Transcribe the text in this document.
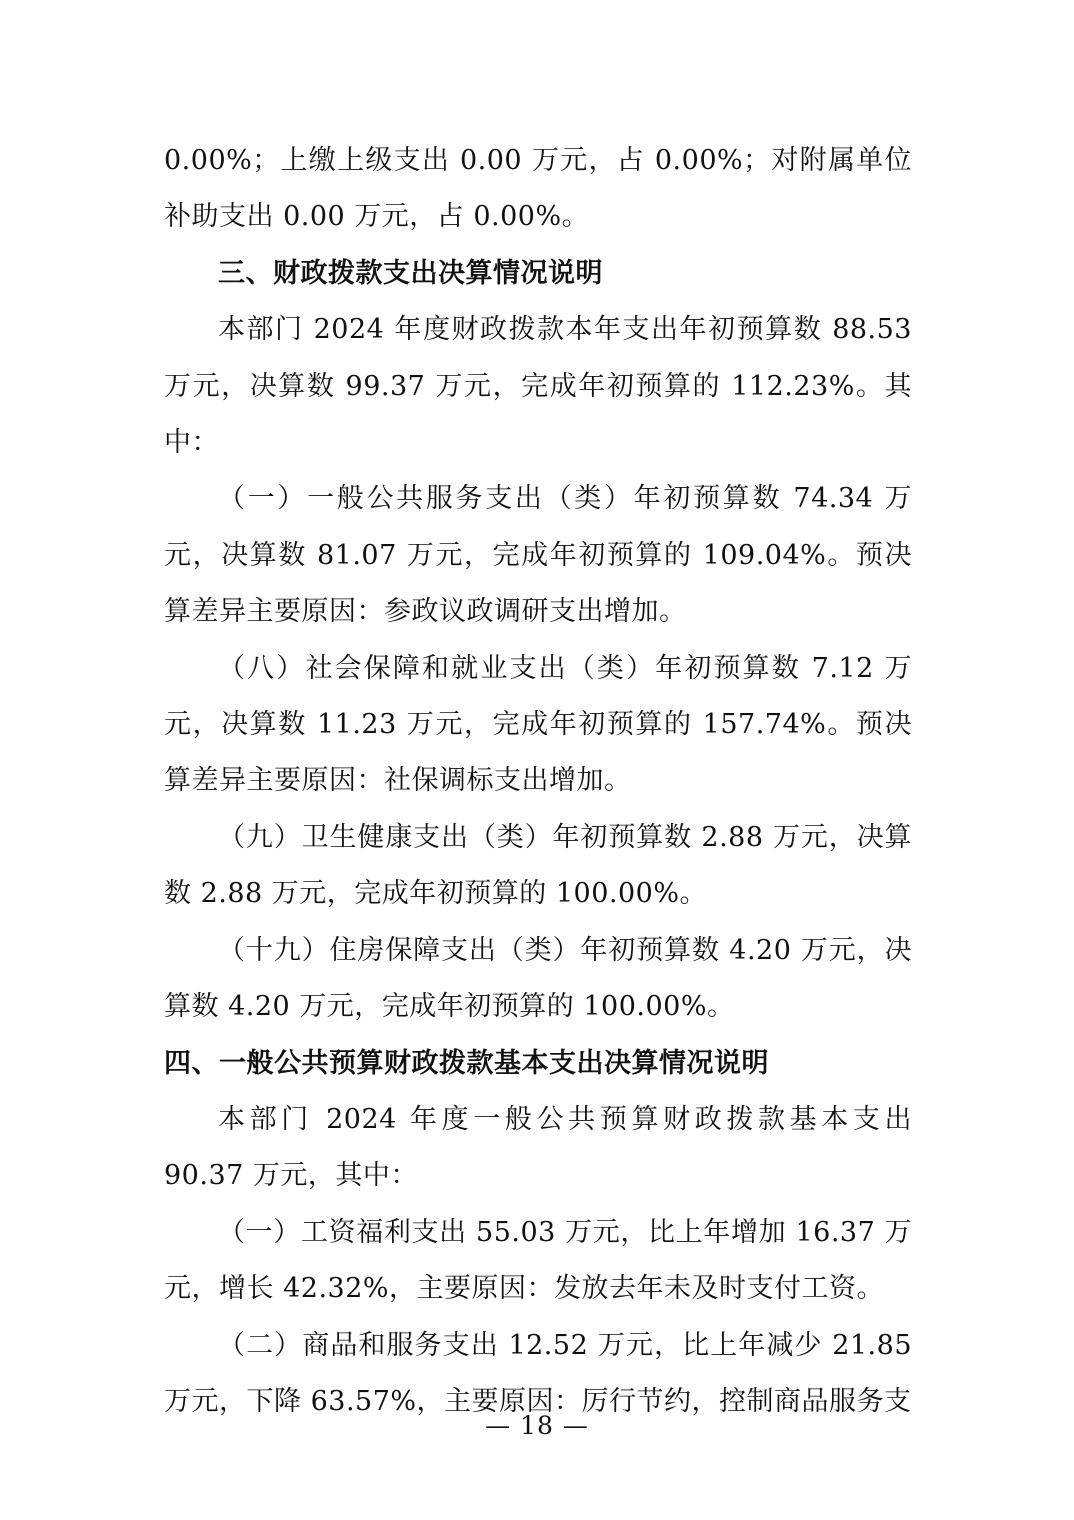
0.00%；上缴上级支出 0.00 万元，占 0.00%；对附属单位补助支出 0.00 万元，占 0.00%。

三、财政拨款支出决算情况说明

本部门 2024 年度财政拨款本年支出年初预算数 88.53 万元，决算数 99.37 万元，完成年初预算的 112.23%。其中：

（一）一般公共服务支出（类）年初预算数 74.34 万元，决算数 81.07 万元，完成年初预算的 109.04%。预决算差异主要原因：参政议政调研支出增加。

（八）社会保障和就业支出（类）年初预算数 7.12 万元，决算数 11.23 万元，完成年初预算的 157.74%。预决算差异主要原因：社保调标支出增加。

（九）卫生健康支出（类）年初预算数 2.88 万元，决算数 2.88 万元，完成年初预算的 100.00%。

（十九）住房保障支出（类）年初预算数 4.20 万元，决算数 4.20 万元，完成年初预算的 100.00%。

四、一般公共预算财政拨款基本支出决算情况说明

本部门 2024 年度一般公共预算财政拨款基本支出 90.37 万元，其中：

（一）工资福利支出 55.03 万元，比上年增加 16.37 万元，增长 42.32%，主要原因：发放去年未及时支付工资。

（二）商品和服务支出 12.52 万元，比上年减少 21.85 万元，下降 63.57%，主要原因：厉行节约，控制商品服务支

— 18 —
